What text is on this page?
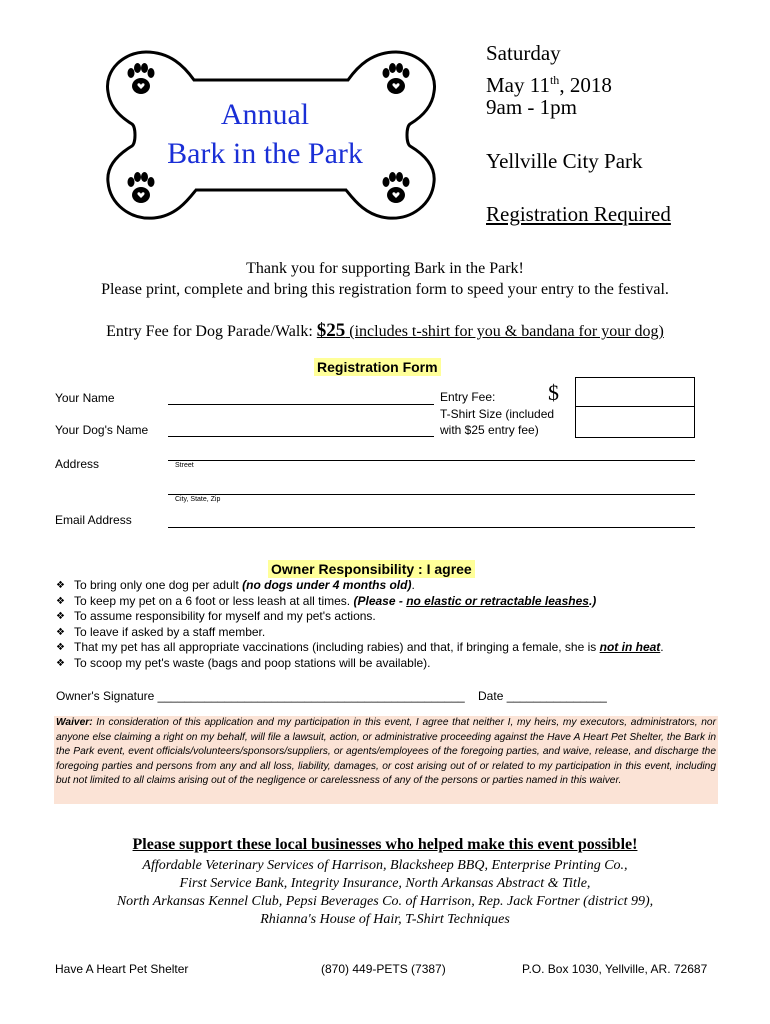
Annual
Bark in the Park
Saturday
May 11th, 2018
9am - 1pm
Yellville City Park
Registration Required
Thank you for supporting Bark in the Park!
Please print, complete and bring this registration form to speed your entry to the festival.
Entry Fee for Dog Parade/Walk: $25 (includes t-shirt for you & bandana for your dog)
Registration Form
Your Name
Your Dog's Name
Entry Fee: $
T-Shirt Size (included
with $25 entry fee)
Address	Street
City, State, Zip
Email Address
Owner Responsibility : I agree
❖ To bring only one dog per adult (no dogs under 4 months old).
❖ To keep my pet on a 6 foot or less leash at all times. (Please - no elastic or retractable leashes.)
❖ To assume responsibility for myself and my pet's actions.
❖ To leave if asked by a staff member.
❖ That my pet has all appropriate vaccinations (including rabies) and that, if bringing a female, she is not in heat.
❖ To scoop my pet's waste (bags and poop stations will be available).
Owner's Signature ______________________________________________ Date _______________
Waiver: In consideration of this application and my participation in this event, I agree that neither I, my heirs, my executors, administrators, nor anyone else claiming a right on my behalf, will file a lawsuit, action, or administrative proceeding against the Have A Heart Pet Shelter, the Bark in the Park event, event officials/volunteers/sponsors/suppliers, or agents/employees of the foregoing parties, and waive, release, and discharge the foregoing parties and persons from any and all loss, liability, damages, or cost arising out of or related to my participation in this event, including but not limited to all claims arising out of the negligence or carelessness of any of the persons or parties named in this waiver.
Please support these local businesses who helped make this event possible!
Affordable Veterinary Services of Harrison, Blacksheep BBQ, Enterprise Printing Co.,
First Service Bank, Integrity Insurance, North Arkansas Abstract & Title,
North Arkansas Kennel Club, Pepsi Beverages Co. of Harrison, Rep. Jack Fortner (district 99),
Rhianna's House of Hair, T-Shirt Techniques
Have A Heart Pet Shelter	(870) 449-PETS (7387)	P.O. Box 1030, Yellville, AR. 72687
